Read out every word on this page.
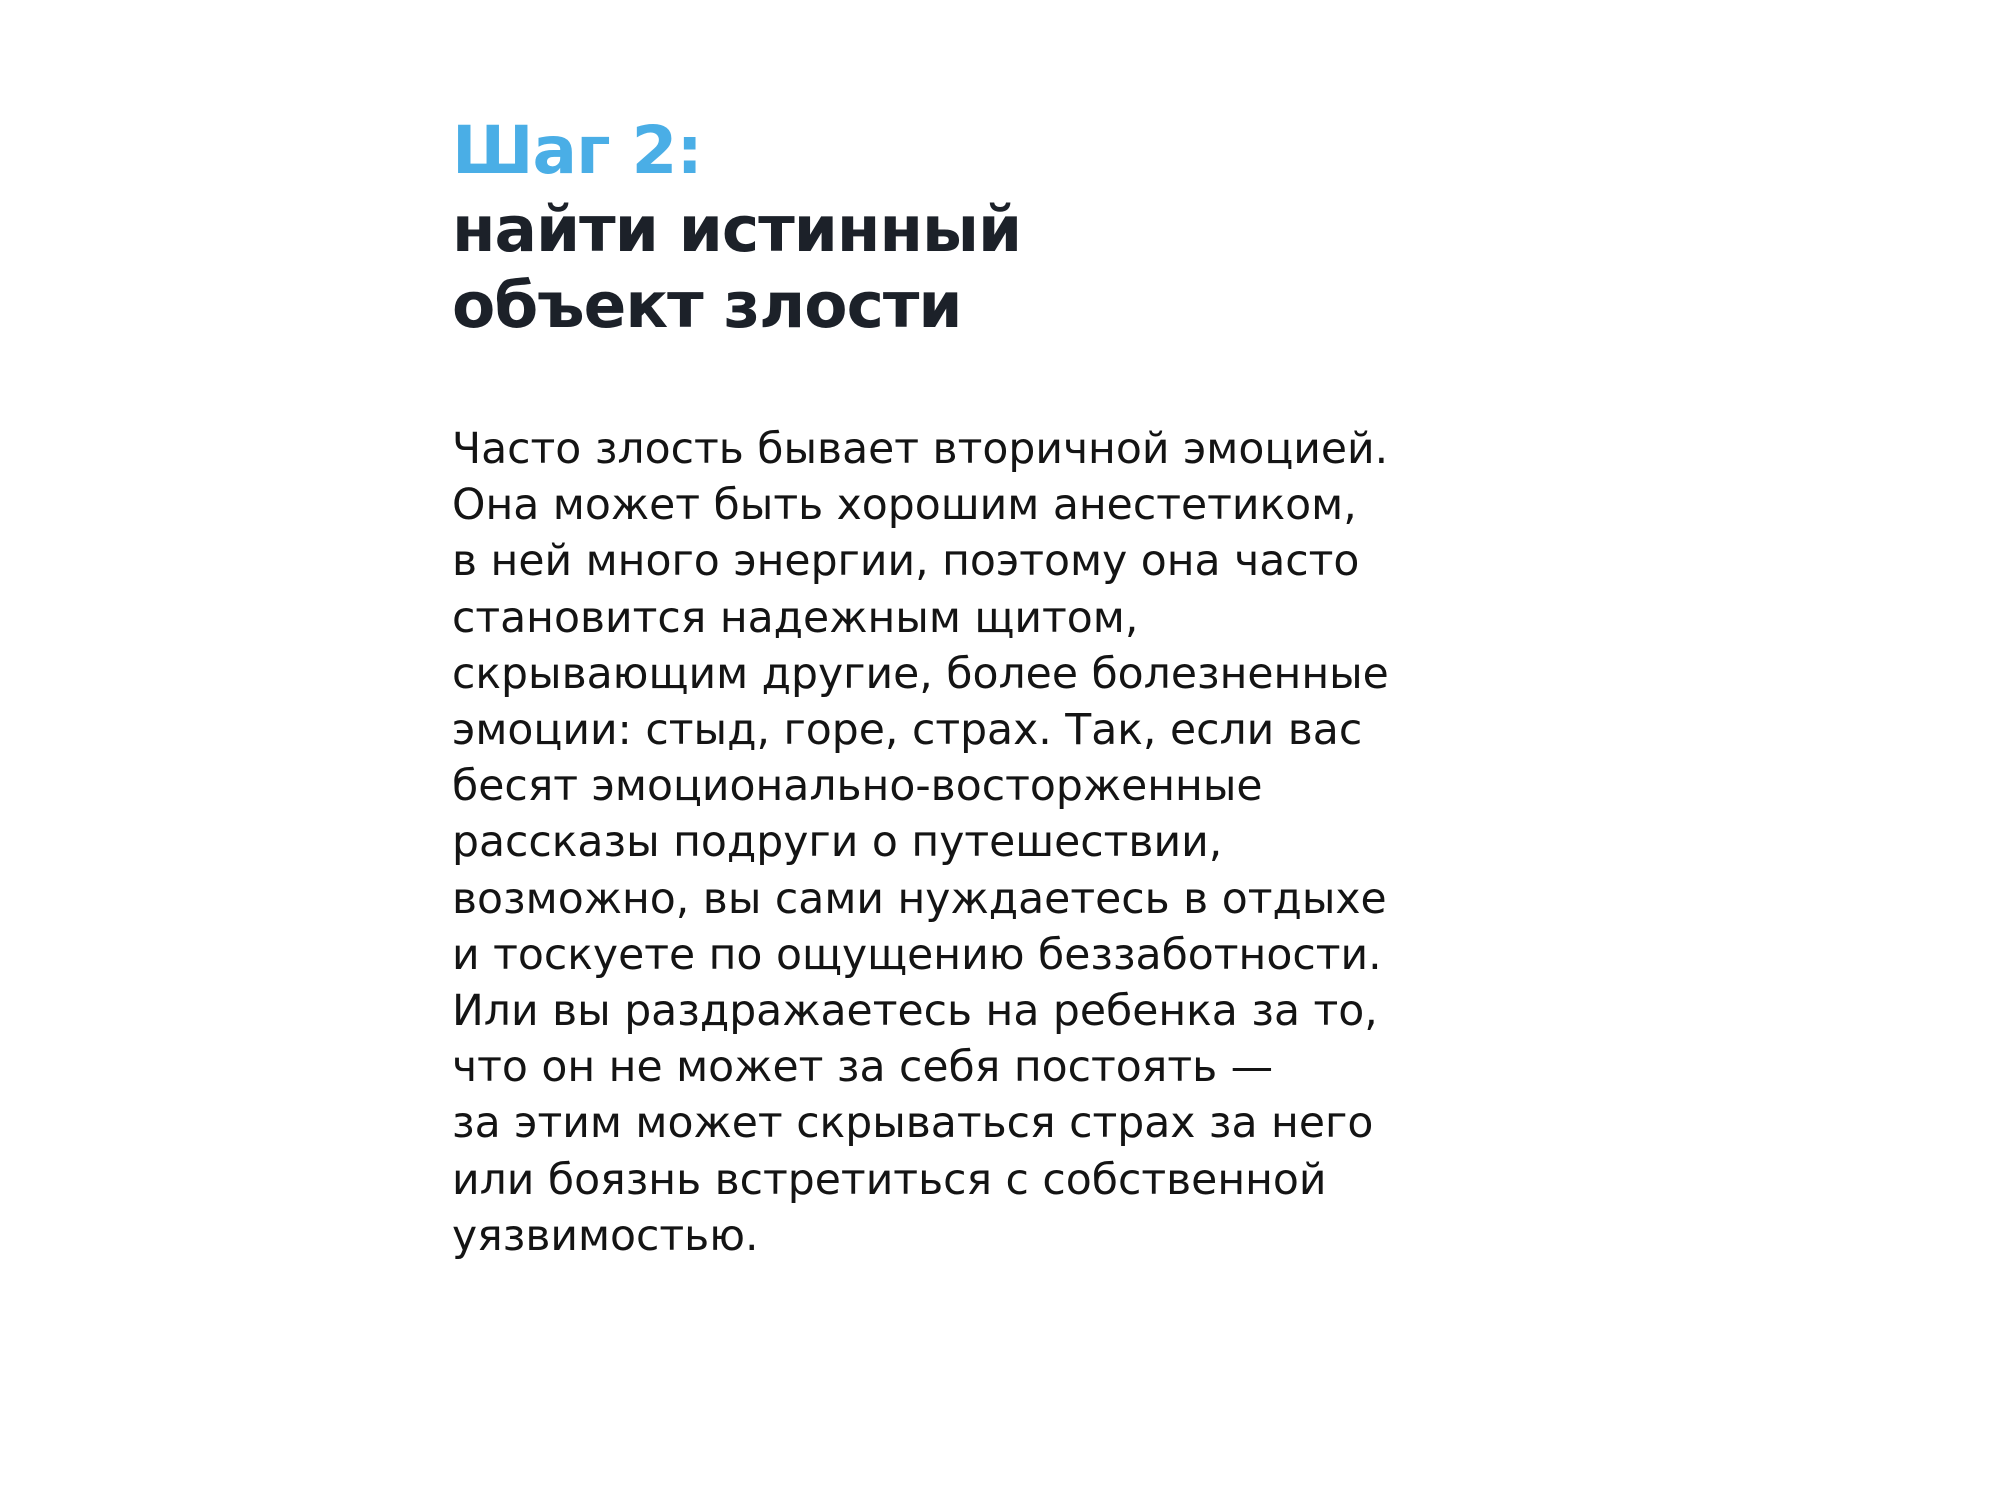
Шаг 2:
найти истинный
объект злости
Часто злость бывает вторичной эмоцией.
Она может быть хорошим анестетиком,
в ней много энергии, поэтому она часто
становится надежным щитом,
скрывающим другие, более болезненные
эмоции: стыд, горе, страх. Так, если вас
бесят эмоционально-восторженные
рассказы подруги о путешествии,
возможно, вы сами нуждаетесь в отдыхе
и тоскуете по ощущению беззаботности.
Или вы раздражаетесь на ребенка за то,
что он не может за себя постоять —
за этим может скрываться страх за него
или боязнь встретиться с собственной
уязвимостью.
